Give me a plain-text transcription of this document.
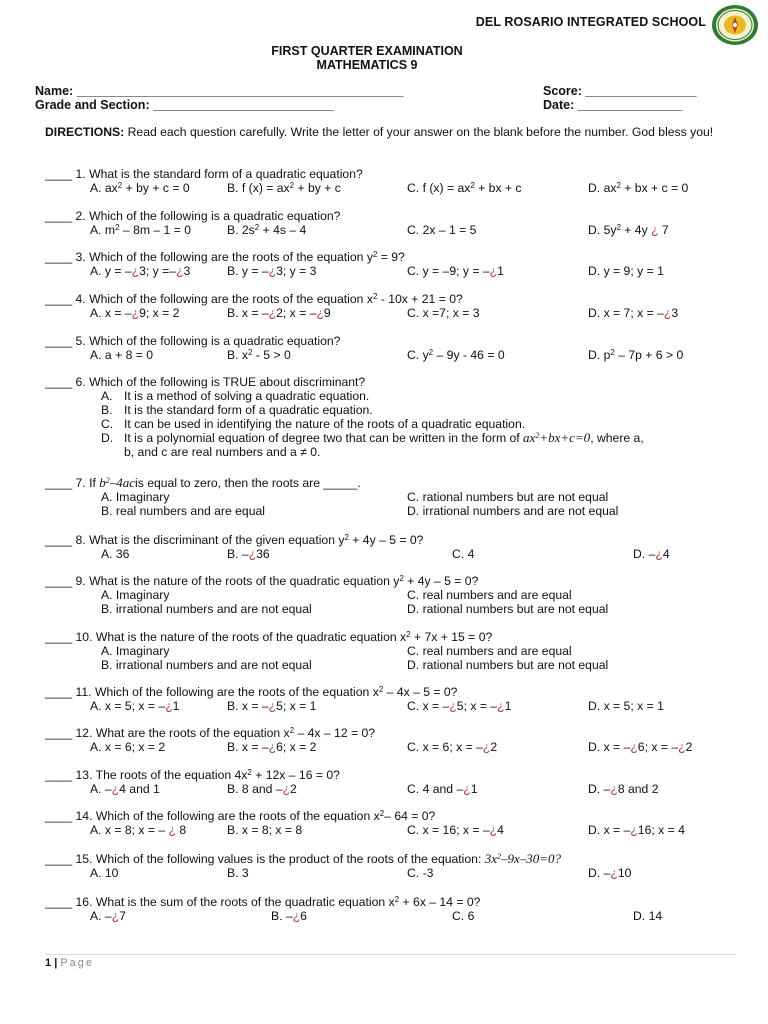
DEL ROSARIO INTEGRATED SCHOOL
FIRST QUARTER EXAMINATION
MATHEMATICS 9
Name: _______________________________________________	Score: ________________
Grade and Section: __________________________	Date: _______________
DIRECTIONS: Read each question carefully. Write the letter of your answer on the blank before the number. God bless you!
____ 1. What is the standard form of a quadratic equation?
A. $ax^2$ + by + c = 0	B. f $(x) = ax^2$ + by + c	C. f $(x) = ax^2$ + bx + c	D. $ax^2$ + bx + c = 0
____ 2. Which of the following is a quadratic equation?
A. $m^2 - 8m - 1 = 0$	B. $2s^2 + 4s - 4$	C. 2x – 1 = 5	D. $5y^2 + 4y$ ¿ 7
____ 3. Which of the following are the roots of the equation $y^2 = 9$?
A. y = –¿3; y =–¿3	B. y = –¿3; y = 3	C. y = –9; y = –¿1	D. y = 9; y = 1
____ 4. Which of the following are the roots of the equation $x^2 - 10x + 21 = 0$?
A. x = –¿9; x = 2	B. x = –¿2; x = –¿9	C. x =7; x = 3	D. x = 7; x = –¿3
____ 5. Which of the following is a quadratic equation?
A. a + 8 = 0	B. $x^2 - 5 > 0$	C. $y^2 - 9y - 46 = 0$	D. $p^2 - 7p + 6 > 0$
____ 6. Which of the following is TRUE about discriminant?
A. It is a method of solving a quadratic equation.
B. It is the standard form of a quadratic equation.
C. It can be used in identifying the nature of the roots of a quadratic equation.
D. It is a polynomial equation of degree two that can be written in the form of $ax^2+bx+c=0$, where a,
b, and c are real numbers and a ≠ 0.
____ 7. If $b^2-4acis$ equal to zero, then the roots are _____.
A. Imaginary	C. rational numbers but are not equal
B. real numbers and are equal	D. irrational numbers and are not equal
____ 8. What is the discriminant of the given equation $y^2 + 4y - 5 = 0$?
A. 36	B. –¿36	C. 4	D. –¿4
____ 9. What is the nature of the roots of the quadratic equation $y^2 + 4y - 5 = 0$?
A. Imaginary	C. real numbers and are equal
B. irrational numbers and are not equal	D. rational numbers but are not equal
____ 10. What is the nature of the roots of the quadratic equation $x^2 + 7x + 15 = 0$?
A. Imaginary	C. real numbers and are equal
B. irrational numbers and are not equal	D. rational numbers but are not equal
____ 11. Which of the following are the roots of the equation $x^2 - 4x - 5 = 0$?
A. x = 5; x = –¿1	B. x = –¿5; x = 1	C. x = –¿5; x = –¿1	D. x = 5; x = 1
____ 12. What are the roots of the equation $x^2 - 4x - 12 = 0$?
A. x = 6; x = 2	B. x = –¿6; x = 2	C. x = 6; x = –¿2	D. x = –¿6; x = –¿2
____ 13. The roots of the equation $4x^2 + 12x - 16 = 0$?
A. –¿4 and 1	B. 8 and –¿2	C. 4 and –¿1	D. –¿8 and 2
____ 14. Which of the following are the roots of the equation $x^2-$ 64 = 0?
A. x = 8; x = – ¿ 8	B. x = 8; x = 8	C. x = 16; x = –¿4	D. x = –¿16; x = 4
____ 15. Which of the following values is the product of the roots of the equation: $3x^2-9x-30=0$?
A. 10	B. 3	C. -3	D. –¿10
____ 16. What is the sum of the roots of the quadratic equation $x^2 + 6x - 14 = 0$?
A. –¿7	B. –¿6	C. 6	D. 14
1 | Page
